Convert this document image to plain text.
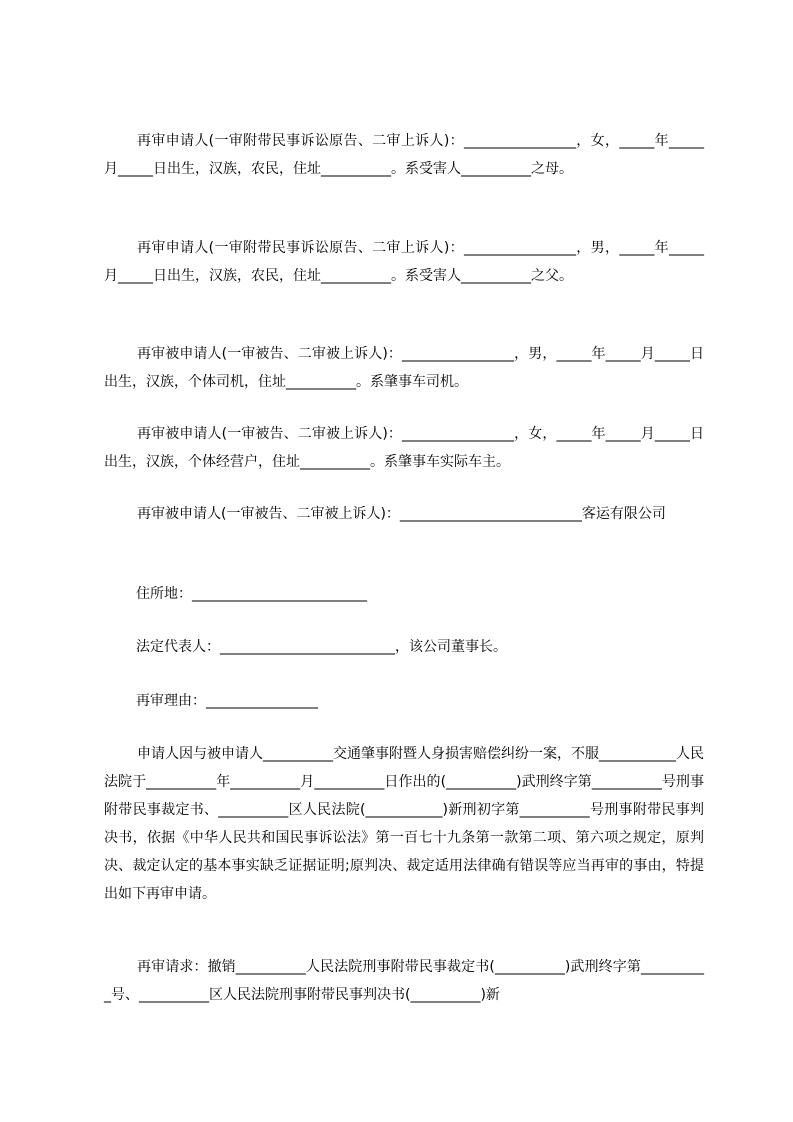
再审申请人(一审附带民事诉讼原告、二审上诉人)：________________，女，_____年_____月_____日出生，汉族，农民，住址__________。系受害人__________之母。

再审申请人(一审附带民事诉讼原告、二审上诉人)：________________，男，_____年_____月_____日出生，汉族，农民，住址__________。系受害人__________之父。

再审被申请人(一审被告、二审被上诉人)：________________，男，_____年_____月_____日出生，汉族，个体司机，住址__________。系肇事车司机。

再审被申请人(一审被告、二审被上诉人)：________________，女，_____年_____月_____日出生，汉族，个体经营户，住址__________。系肇事车实际车主。

再审被申请人(一审被告、二审被上诉人)：__________________________客运有限公司

住所地：_________________________

法定代表人：_________________________，该公司董事长。

再审理由：________________

申请人因与被申请人__________交通肇事附暨人身损害赔偿纠纷一案，不服___________人民法院于__________年__________月__________日作出的(__________)武刑终字第__________号刑事附带民事裁定书、__________区人民法院(___________)新刑初字第__________号刑事附带民事判决书，依据《中华人民共和国民事诉讼法》第一百七十九条第一款第二项、第六项之规定，原判决、裁定认定的基本事实缺乏证据证明;原判决、裁定适用法律确有错误等应当再审的事由，特提出如下再审申请。

再审请求：撤销__________人民法院刑事附带民事裁定书(__________)武刑终字第__________号、__________区人民法院刑事附带民事判决书(__________)新
